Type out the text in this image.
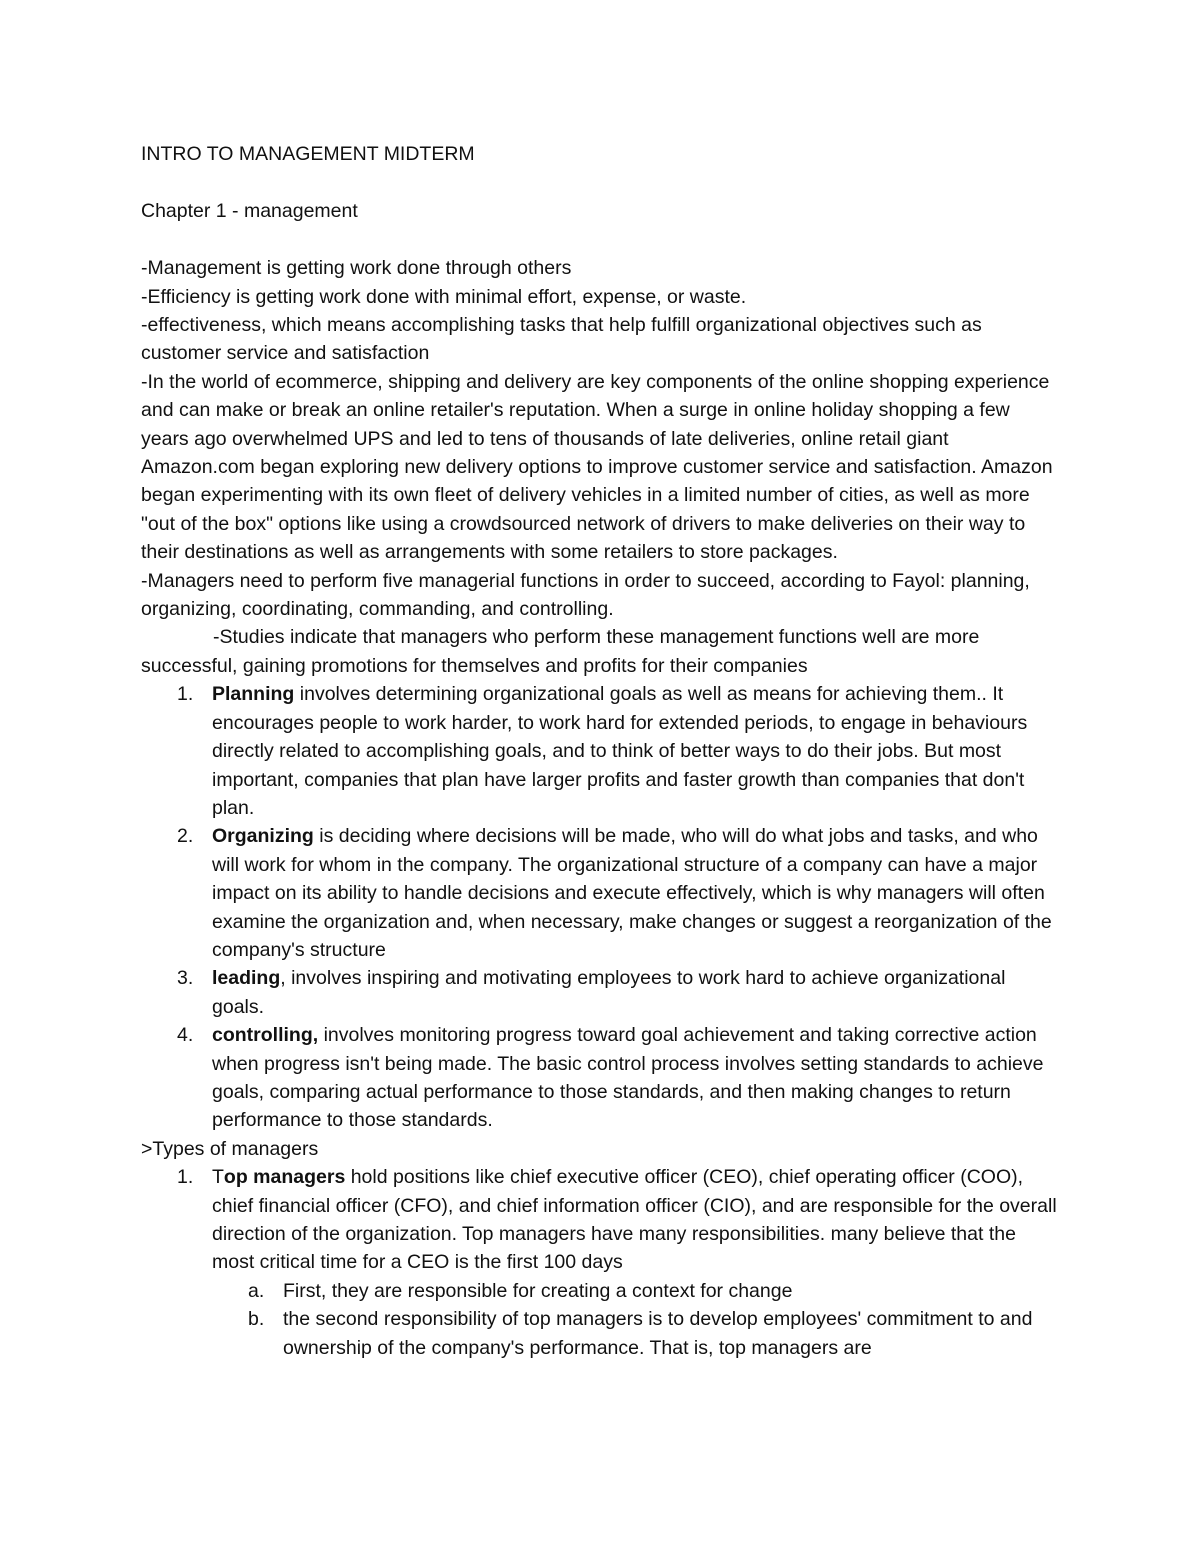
INTRO TO MANAGEMENT MIDTERM
Chapter 1 - management

-Management is getting work done through others

-Efficiency is getting work done with minimal effort, expense, or waste.

-effectiveness, which means accomplishing tasks that help fulfill organizational objectives such as customer service and satisfaction

-In the world of ecommerce, shipping and delivery are key components of the online shopping experience and can make or break an online retailer's reputation. When a surge in online holiday shopping a few years ago overwhelmed UPS and led to tens of thousands of late deliveries, online retail giant Amazon.com began exploring new delivery options to improve customer service and satisfaction. Amazon began experimenting with its own fleet of delivery vehicles in a limited number of cities, as well as more "out of the box" options like using a crowdsourced network of drivers to make deliveries on their way to their destinations as well as arrangements with some retailers to store packages.

-Managers need to perform five managerial functions in order to succeed, according to Fayol: planning, organizing, coordinating, commanding, and controlling.

-Studies indicate that managers who perform these management functions well are more successful, gaining promotions for themselves and profits for their companies

1. Planning involves determining organizational goals as well as means for achieving them.. It encourages people to work harder, to work hard for extended periods, to engage in behaviours directly related to accomplishing goals, and to think of better ways to do their jobs. But most important, companies that plan have larger profits and faster growth than companies that don't plan.
2. Organizing is deciding where decisions will be made, who will do what jobs and tasks, and who will work for whom in the company. The organizational structure of a company can have a major impact on its ability to handle decisions and execute effectively, which is why managers will often examine the organization and, when necessary, make changes or suggest a reorganization of the company's structure
3. leading, involves inspiring and motivating employees to work hard to achieve organizational goals.
4. controlling, involves monitoring progress toward goal achievement and taking corrective action when progress isn't being made. The basic control process involves setting standards to achieve goals, comparing actual performance to those standards, and then making changes to return performance to those standards.

>Types of managers

1. Top managers hold positions like chief executive officer (CEO), chief operating officer (COO), chief financial officer (CFO), and chief information officer (CIO), and are responsible for the overall direction of the organization. Top managers have many responsibilities. many believe that the most critical time for a CEO is the first 100 days
a. First, they are responsible for creating a context for change
b. the second responsibility of top managers is to develop employees' commitment to and ownership of the company's performance. That is, top managers are
